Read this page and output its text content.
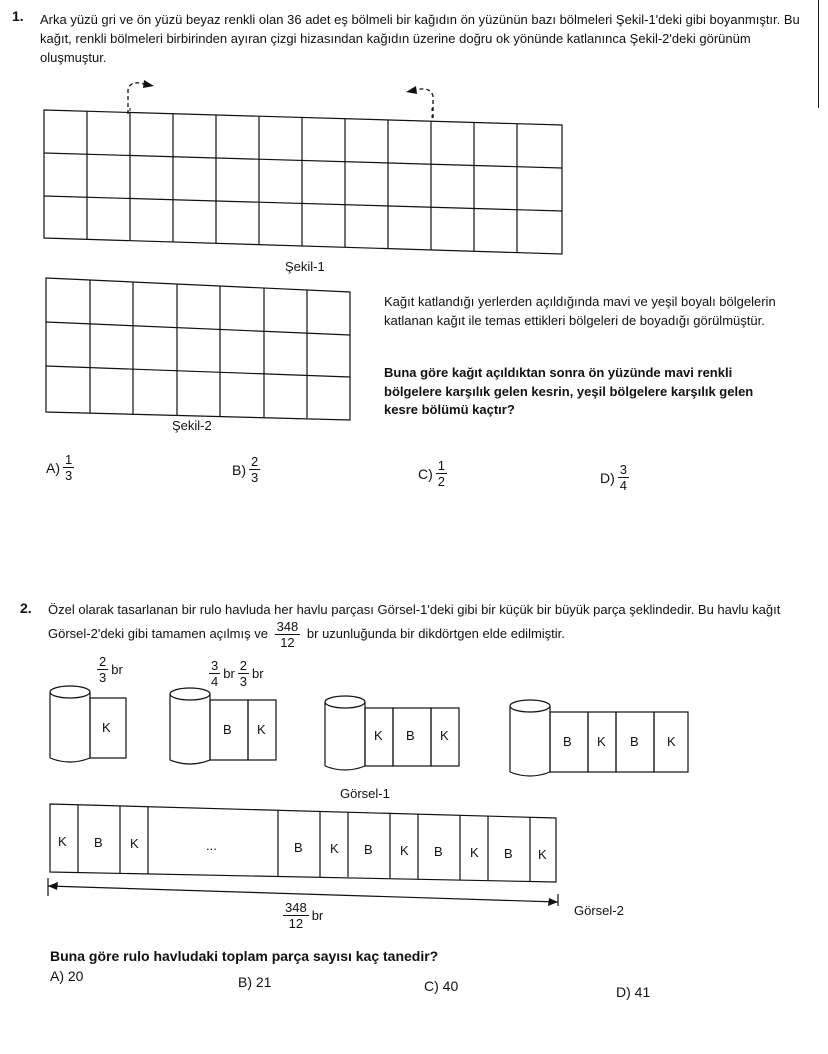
1. Arka yüzü gri ve ön yüzü beyaz renkli olan 36 adet eş bölmeli bir kağıdın ön yüzünün bazı bölmeleri Şekil-1'deki gibi boyanmıştır. Bu kağıt, renkli bölmeleri birbirinden ayıran çizgi hizasından kağıdın üzerine doğru ok yönünde katlanınca Şekil-2'deki görünüm oluşmuştur.
Şekil-1
Şekil-2
Kağıt katlandığı yerlerden açıldığında mavi ve yeşil boyalı bölgelerin katlanan kağıt ile temas ettikleri bölgeleri de boyadığı görülmüştür.
Buna göre kağıt açıldıktan sonra ön yüzünde mavi renkli bölgelere karşılık gelen kesrin, yeşil bölgelere karşılık gelen kesre bölümü kaçtır?
$A) \frac{1}{3}$	$B) \frac{2}{3}$	$C) \frac{1}{2}$	$D) \frac{3}{4}$
2. Özel olarak tasarlanan bir rulo havluda her havlu parçası Görsel-1'deki gibi bir küçük bir büyük parça şeklindedir. Bu havlu kağıt Görsel-2'deki gibi tamamen açılmış ve $\frac{348}{12}$ br uzunluğunda bir dikdörtgen elde edilmiştir.
$\frac{2}{3}$ br	$\frac{3}{4}$ br $\frac{2}{3}$ br
K	B K	K B K	B K B K
Görsel-1
K B K	...	B K B K B K B K
$\frac{348}{12}$ br	Görsel-2
Buna göre rulo havludaki toplam parça sayısı kaç tanedir?
A)
20	B)
21	C)
40	D)
41
